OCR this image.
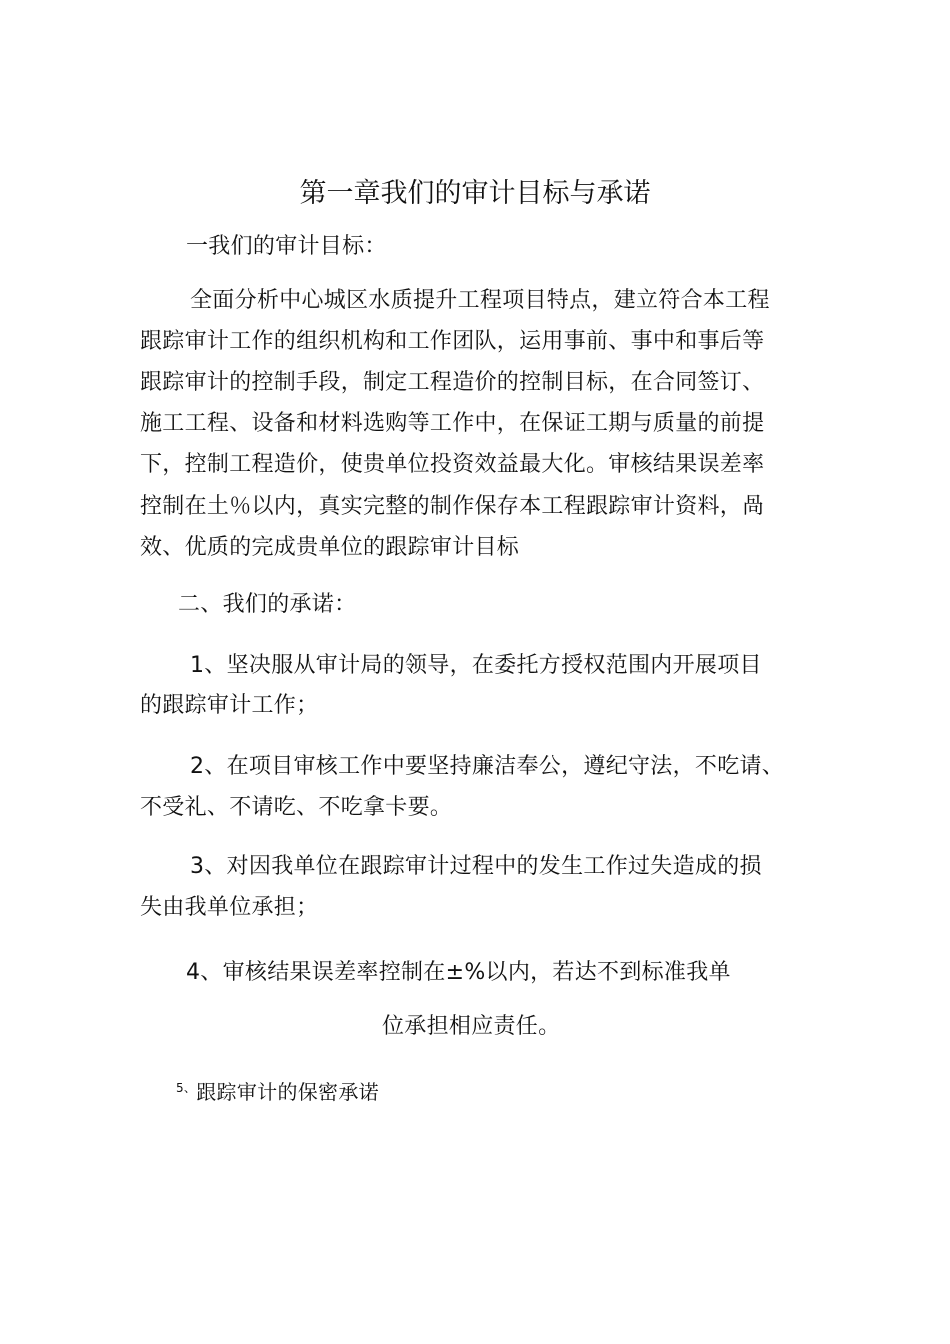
第一章我们的审计目标与承诺
一我们的审计目标：
全面分析中心城区水质提升工程项目特点，建立符合本工程
跟踪审计工作的组织机构和工作团队，运用事前、事中和事后等
跟踪审计的控制手段，制定工程造价的控制目标，在合同签订、
施工工程、设备和材料选购等工作中，在保证工期与质量的前提
下，控制工程造价，使贵单位投资效益最大化。审核结果误差率
控制在土％以内，真实完整的制作保存本工程跟踪审计资料，咼
效、优质的完成贵单位的跟踪审计目标
二、我们的承诺：
1、坚决服从审计局的领导，在委托方授权范围内开展项目
的跟踪审计工作；
2、在项目审核工作中要坚持廉洁奉公，遵纪守法，不吃请、
不受礼、不请吃、不吃拿卡要。
3、对因我单位在跟踪审计过程中的发生工作过失造成的损
失由我单位承担；
4、审核结果误差率控制在±%以内，若达不到标准我单
位承担相应责任。
$^{5、}$跟踪审计的保密承诺
